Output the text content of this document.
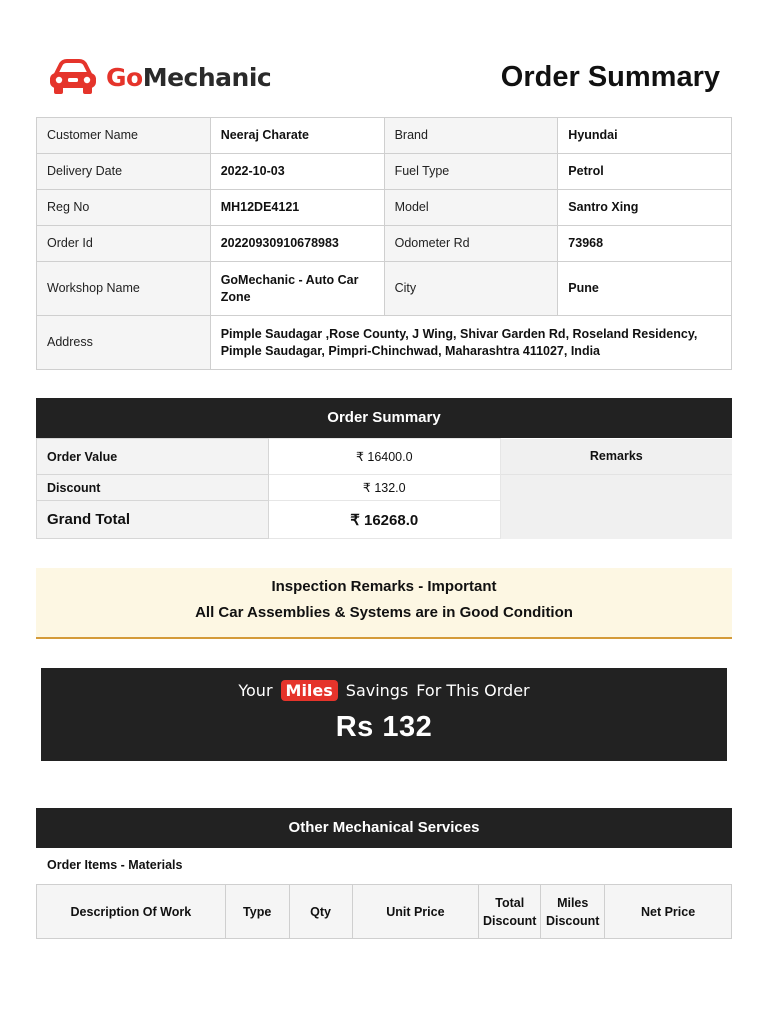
GoMechanic	Order Summary
Customer Name	Neeraj Charate	Brand	Hyundai
Delivery Date	2022-10-03	Fuel Type	Petrol
Reg No	MH12DE4121	Model	Santro Xing
Order Id	20220930910678983	Odometer Rd	73968
Workshop Name	GoMechanic - Auto Car Zone	City	Pune
Address	Pimple Saudagar ,Rose County, J Wing, Shivar Garden Rd, Roseland Residency, Pimple Saudagar, Pimpri-Chinchwad, Maharashtra 411027, India		
Order Summary
Order Value	₹ 16400.0	Remarks
Discount	₹ 132.0	
Grand Total	₹ 16268.0	
Inspection Remarks - Important
All Car Assemblies & Systems are in Good Condition
Your Miles Savings For This Order
Rs 132
Other Mechanical Services
Order Items - Materials
Description Of Work	Type	Qty	Unit Price	Total Discount	Miles Discount	Net Price
